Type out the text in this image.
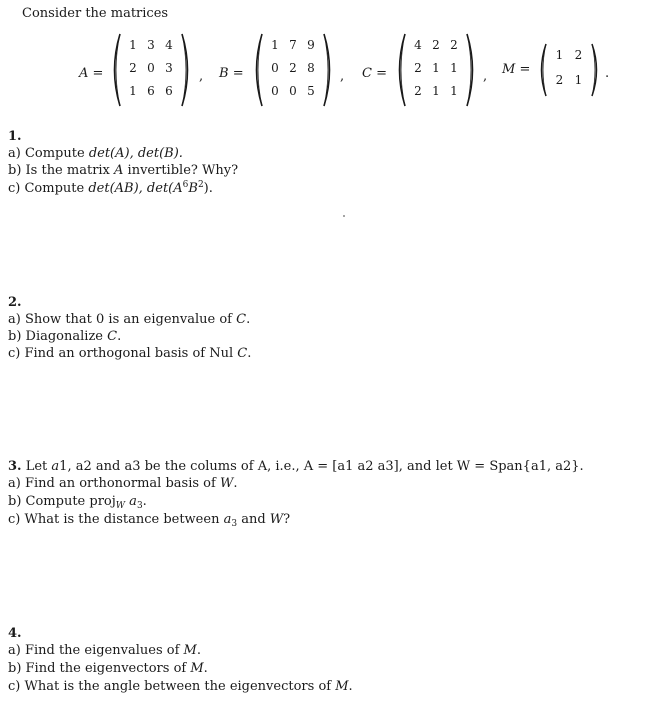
Consider the matrices
A =
1 3 4
2 0 3
1 6 6
, B =
1 7 9
0 2 8
0 0 5
, C =
4 2 2
2 1 1
2 1 1
, M =
1 2
2 1	.
1.
a) Compute det(A), det(B).
b) Is the matrix A invertible? Why?
c) Compute det(AB), $\det(A^6B^2)$.
2.
a) Show that 0 is an eigenvalue of C.
b) Diagonalize C.
c) Find an orthogonal basis of Nul C.
3. Let a1, a2 and a3 be the colums of A, i.e., A = [a1 a2 a3], and let W = Span{a1, a2}.
a) Find an orthonormal basis of W.
b) Compute proj$_W$ $a_3$.
c) What is the distance between $a_3$ and W?
4.
a) Find the eigenvalues of M.
b) Find the eigenvectors of M.
c) What is the angle between the eigenvectors of M.
